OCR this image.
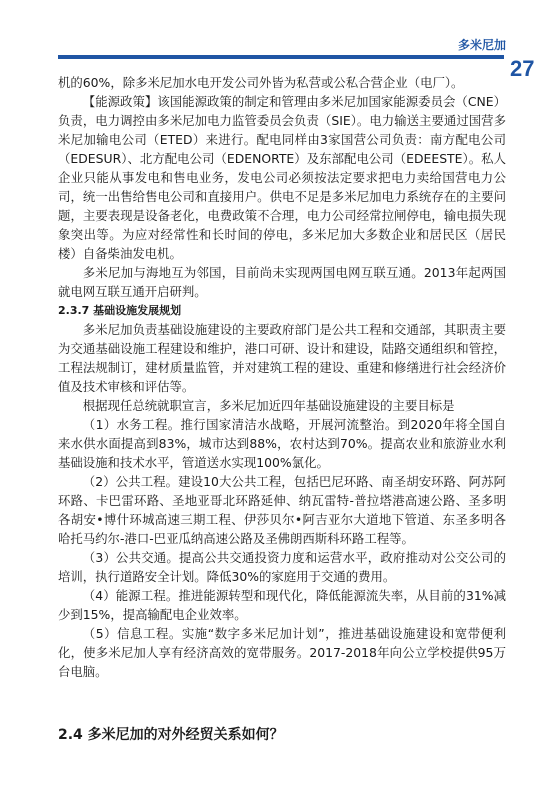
多米尼加
27

机的60%，除多米尼加水电开发公司外皆为私营或公私合营企业（电厂）。

【能源政策】该国能源政策的制定和管理由多米尼加国家能源委员会（CNE）负责，电力调控由多米尼加电力监管委员会负责（SIE）。电力输送主要通过国营多米尼加输电公司（ETED）来进行。配电同样由3家国营公司负责：南方配电公司（EDESUR）、北方配电公司（EDENORTE）及东部配电公司（EDEESTE）。私人企业只能从事发电和售电业务，发电公司必须按法定要求把电力卖给国营电力公司，统一出售给售电公司和直接用户。供电不足是多米尼加电力系统存在的主要问题，主要表现是设备老化，电费政策不合理，电力公司经常拉闸停电，输电损失现象突出等。为应对经常性和长时间的停电，多米尼加大多数企业和居民区（居民楼）自备柴油发电机。

多米尼加与海地互为邻国，目前尚未实现两国电网互联互通。2013年起两国就电网互联互通开启研判。

2.3.7 基础设施发展规划

多米尼加负责基础设施建设的主要政府部门是公共工程和交通部，其职责主要为交通基础设施工程建设和维护，港口可研、设计和建设，陆路交通组织和管控，工程法规制订，建材质量监管，并对建筑工程的建设、重建和修缮进行社会经济价值及技术审核和评估等。

根据现任总统就职宣言，多米尼加近四年基础设施建设的主要目标是

（1）水务工程。推行国家清洁水战略，开展河流整治。到2020年将全国自来水供水面提高到83%，城市达到88%，农村达到70%。提高农业和旅游业水利基础设施和技术水平，管道送水实现100%氯化。

（2）公共工程。建设10大公共工程，包括巴尼环路、南圣胡安环路、阿苏阿环路、卡巴雷环路、圣地亚哥北环路延伸、纳瓦雷特-普拉塔港高速公路、圣多明各胡安•博什环城高速三期工程、伊莎贝尔•阿吉亚尔大道地下管道、东圣多明各哈托马约尔-港口-巴亚瓜纳高速公路及圣佛朗西斯科环路工程等。

（3）公共交通。提高公共交通投资力度和运营水平，政府推动对公交公司的培训，执行道路安全计划。降低30%的家庭用于交通的费用。

（4）能源工程。推进能源转型和现代化，降低能源流失率，从目前的31%减少到15%，提高输配电企业效率。

（5）信息工程。实施“数字多米尼加计划”，推进基础设施建设和宽带便利化，使多米尼加人享有经济高效的宽带服务。2017-2018年向公立学校提供95万台电脑。

2.4 多米尼加的对外经贸关系如何？
